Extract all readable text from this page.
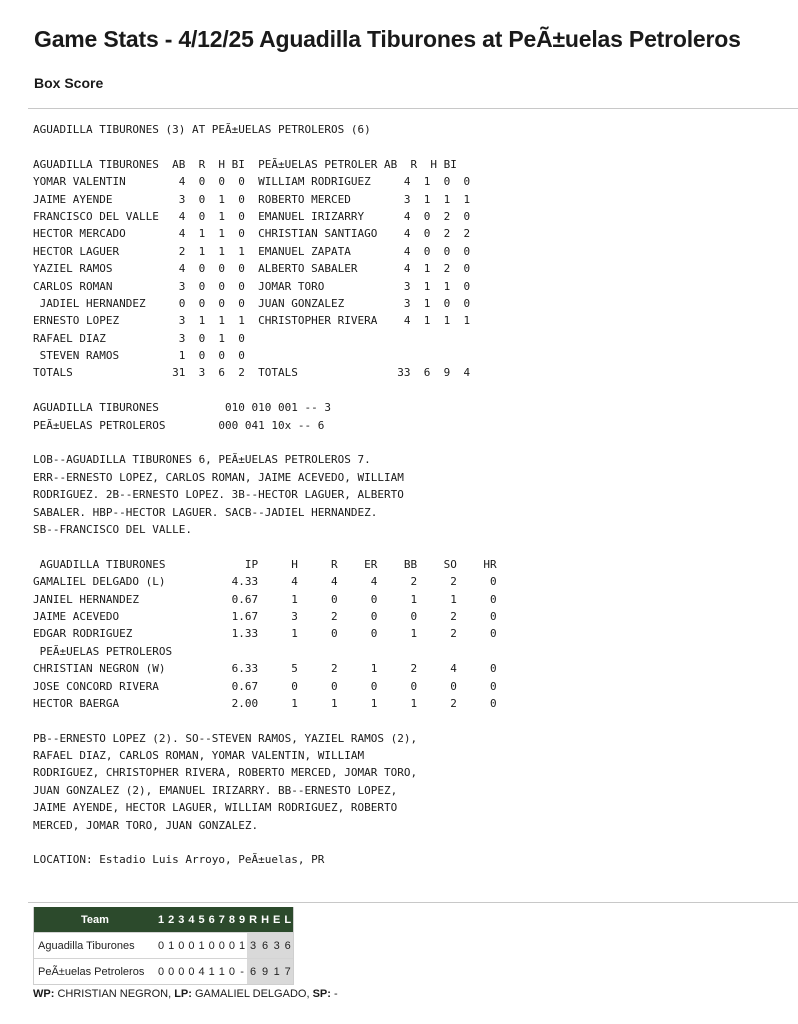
Game Stats - 4/12/25 Aguadilla Tiburones at PeÃ±uelas Petroleros
Box Score
AGUADILLA TIBURONES (3) AT PEÃ±UELAS PETROLEROS (6)
AGUADILLA TIBURONES  AB  R  H BI  PEÃ±UELAS PETROLER AB  R  H BI
YOMAR VALENTIN        4  0  0  0  WILLIAM RODRIGUEZ     4  1  0  0
JAIME AYENDE          3  0  1  0  ROBERTO MERCED        3  1  1  1
FRANCISCO DEL VALLE   4  0  1  0  EMANUEL IRIZARRY      4  0  2  0
HECTOR MERCADO        4  1  1  0  CHRISTIAN SANTIAGO    4  0  2  2
HECTOR LAGUER         2  1  1  1  EMANUEL ZAPATA        4  0  0  0
YAZIEL RAMOS          4  0  0  0  ALBERTO SABALER       4  1  2  0
CARLOS ROMAN          3  0  0  0  JOMAR TORO            3  1  1  0
JADIEL HERNANDEZ     0  0  0  0  JUAN GONZALEZ         3  1  0  0
ERNESTO LOPEZ         3  1  1  1  CHRISTOPHER RIVERA    4  1  1  1
RAFAEL DIAZ           3  0  1  0
STEVEN RAMOS         1  0  0  0
TOTALS               31  3  6  2  TOTALS               33  6  9  4
AGUADILLA TIBURONES          010 010 001 -- 3
PEÃ±UELAS PETROLEROS        000 041 10x -- 6
LOB--AGUADILLA TIBURONES 6, PEÃ±UELAS PETROLEROS 7.
ERR--ERNESTO LOPEZ, CARLOS ROMAN, JAIME ACEVEDO, WILLIAM
RODRIGUEZ. 2B--ERNESTO LOPEZ. 3B--HECTOR LAGUER, ALBERTO
SABALER. HBP--HECTOR LAGUER. SACB--JADIEL HERNANDEZ.
SB--FRANCISCO DEL VALLE.
AGUADILLA TIBURONES            IP     H     R    ER    BB    SO    HR
GAMALIEL DELGADO (L)          4.33     4     4     4     2     2     0
JANIEL HERNANDEZ              0.67     1     0     0     1     1     0
JAIME ACEVEDO                 1.67     3     2     0     0     2     0
EDGAR RODRIGUEZ               1.33     1     0     0     1     2     0
PEÃ±UELAS PETROLEROS
CHRISTIAN NEGRON (W)          6.33     5     2     1     2     4     0
JOSE CONCORD RIVERA           0.67     0     0     0     0     0     0
HECTOR BAERGA                 2.00     1     1     1     1     2     0
PB--ERNESTO LOPEZ (2). SO--STEVEN RAMOS, YAZIEL RAMOS (2),
RAFAEL DIAZ, CARLOS ROMAN, YOMAR VALENTIN, WILLIAM
RODRIGUEZ, CHRISTOPHER RIVERA, ROBERTO MERCED, JOMAR TORO,
JUAN GONZALEZ (2), EMANUEL IRIZARRY. BB--ERNESTO LOPEZ,
JAIME AYENDE, HECTOR LAGUER, WILLIAM RODRIGUEZ, ROBERTO
MERCED, JOMAR TORO, JUAN GONZALEZ.
LOCATION: Estadio Luis Arroyo, PeÃ±uelas, PR
Team	1	2	3	4	5	6	7	8	9	R	H	E	L
Aguadilla Tiburones	0	1	0	0	1	0	0	0	1	3	6	3	6
PeÃ±uelas Petroleros	0	0	0	0	4	1	1	0	-	6	9	1	7
WP: CHRISTIAN NEGRON, LP: GAMALIEL DELGADO, SP: -
